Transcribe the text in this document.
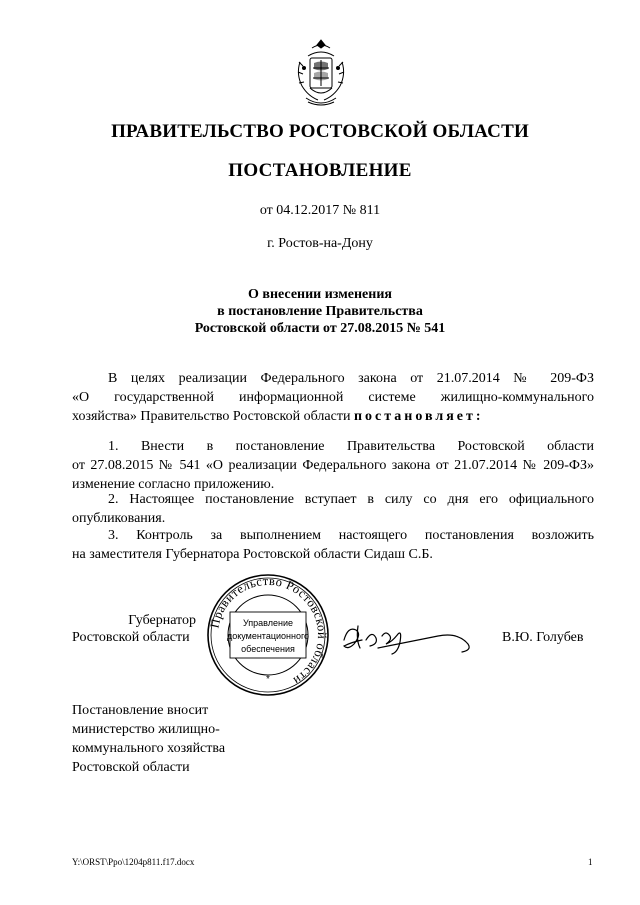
ПРАВИТЕЛЬСТВО РОСТОВСКОЙ ОБЛАСТИ
ПОСТАНОВЛЕНИЕ
от 04.12.2017 № 811
г. Ростов-на-Дону
О внесении изменения
в постановление Правительства
Ростовской области от 27.08.2015 № 541
В целях реализации Федерального закона от 21.07.2014 № 209-ФЗ
«О государственной информационной системе жилищно-коммунального
хозяйства» Правительство Ростовской области постановляет:
1. Внести в постановление Правительства Ростовской области
от 27.08.2015 № 541 «О реализации Федерального закона от 21.07.2014 № 209-ФЗ»
изменение согласно приложению.
2. Настоящее постановление вступает в силу со дня его официального
опубликования.
3. Контроль за выполнением настоящего постановления возложить
на заместителя Губернатора Ростовской области Сидаш С.Б.
Губернатор
Ростовской области
Правительство Ростовской области
Управление
документационного
обеспечения
*
В.Ю. Голубев
Постановление вносит
министерство жилищно-
коммунального хозяйства
Ростовской области
Y:\ORST\Ppo\1204p811.f17.docx	1
